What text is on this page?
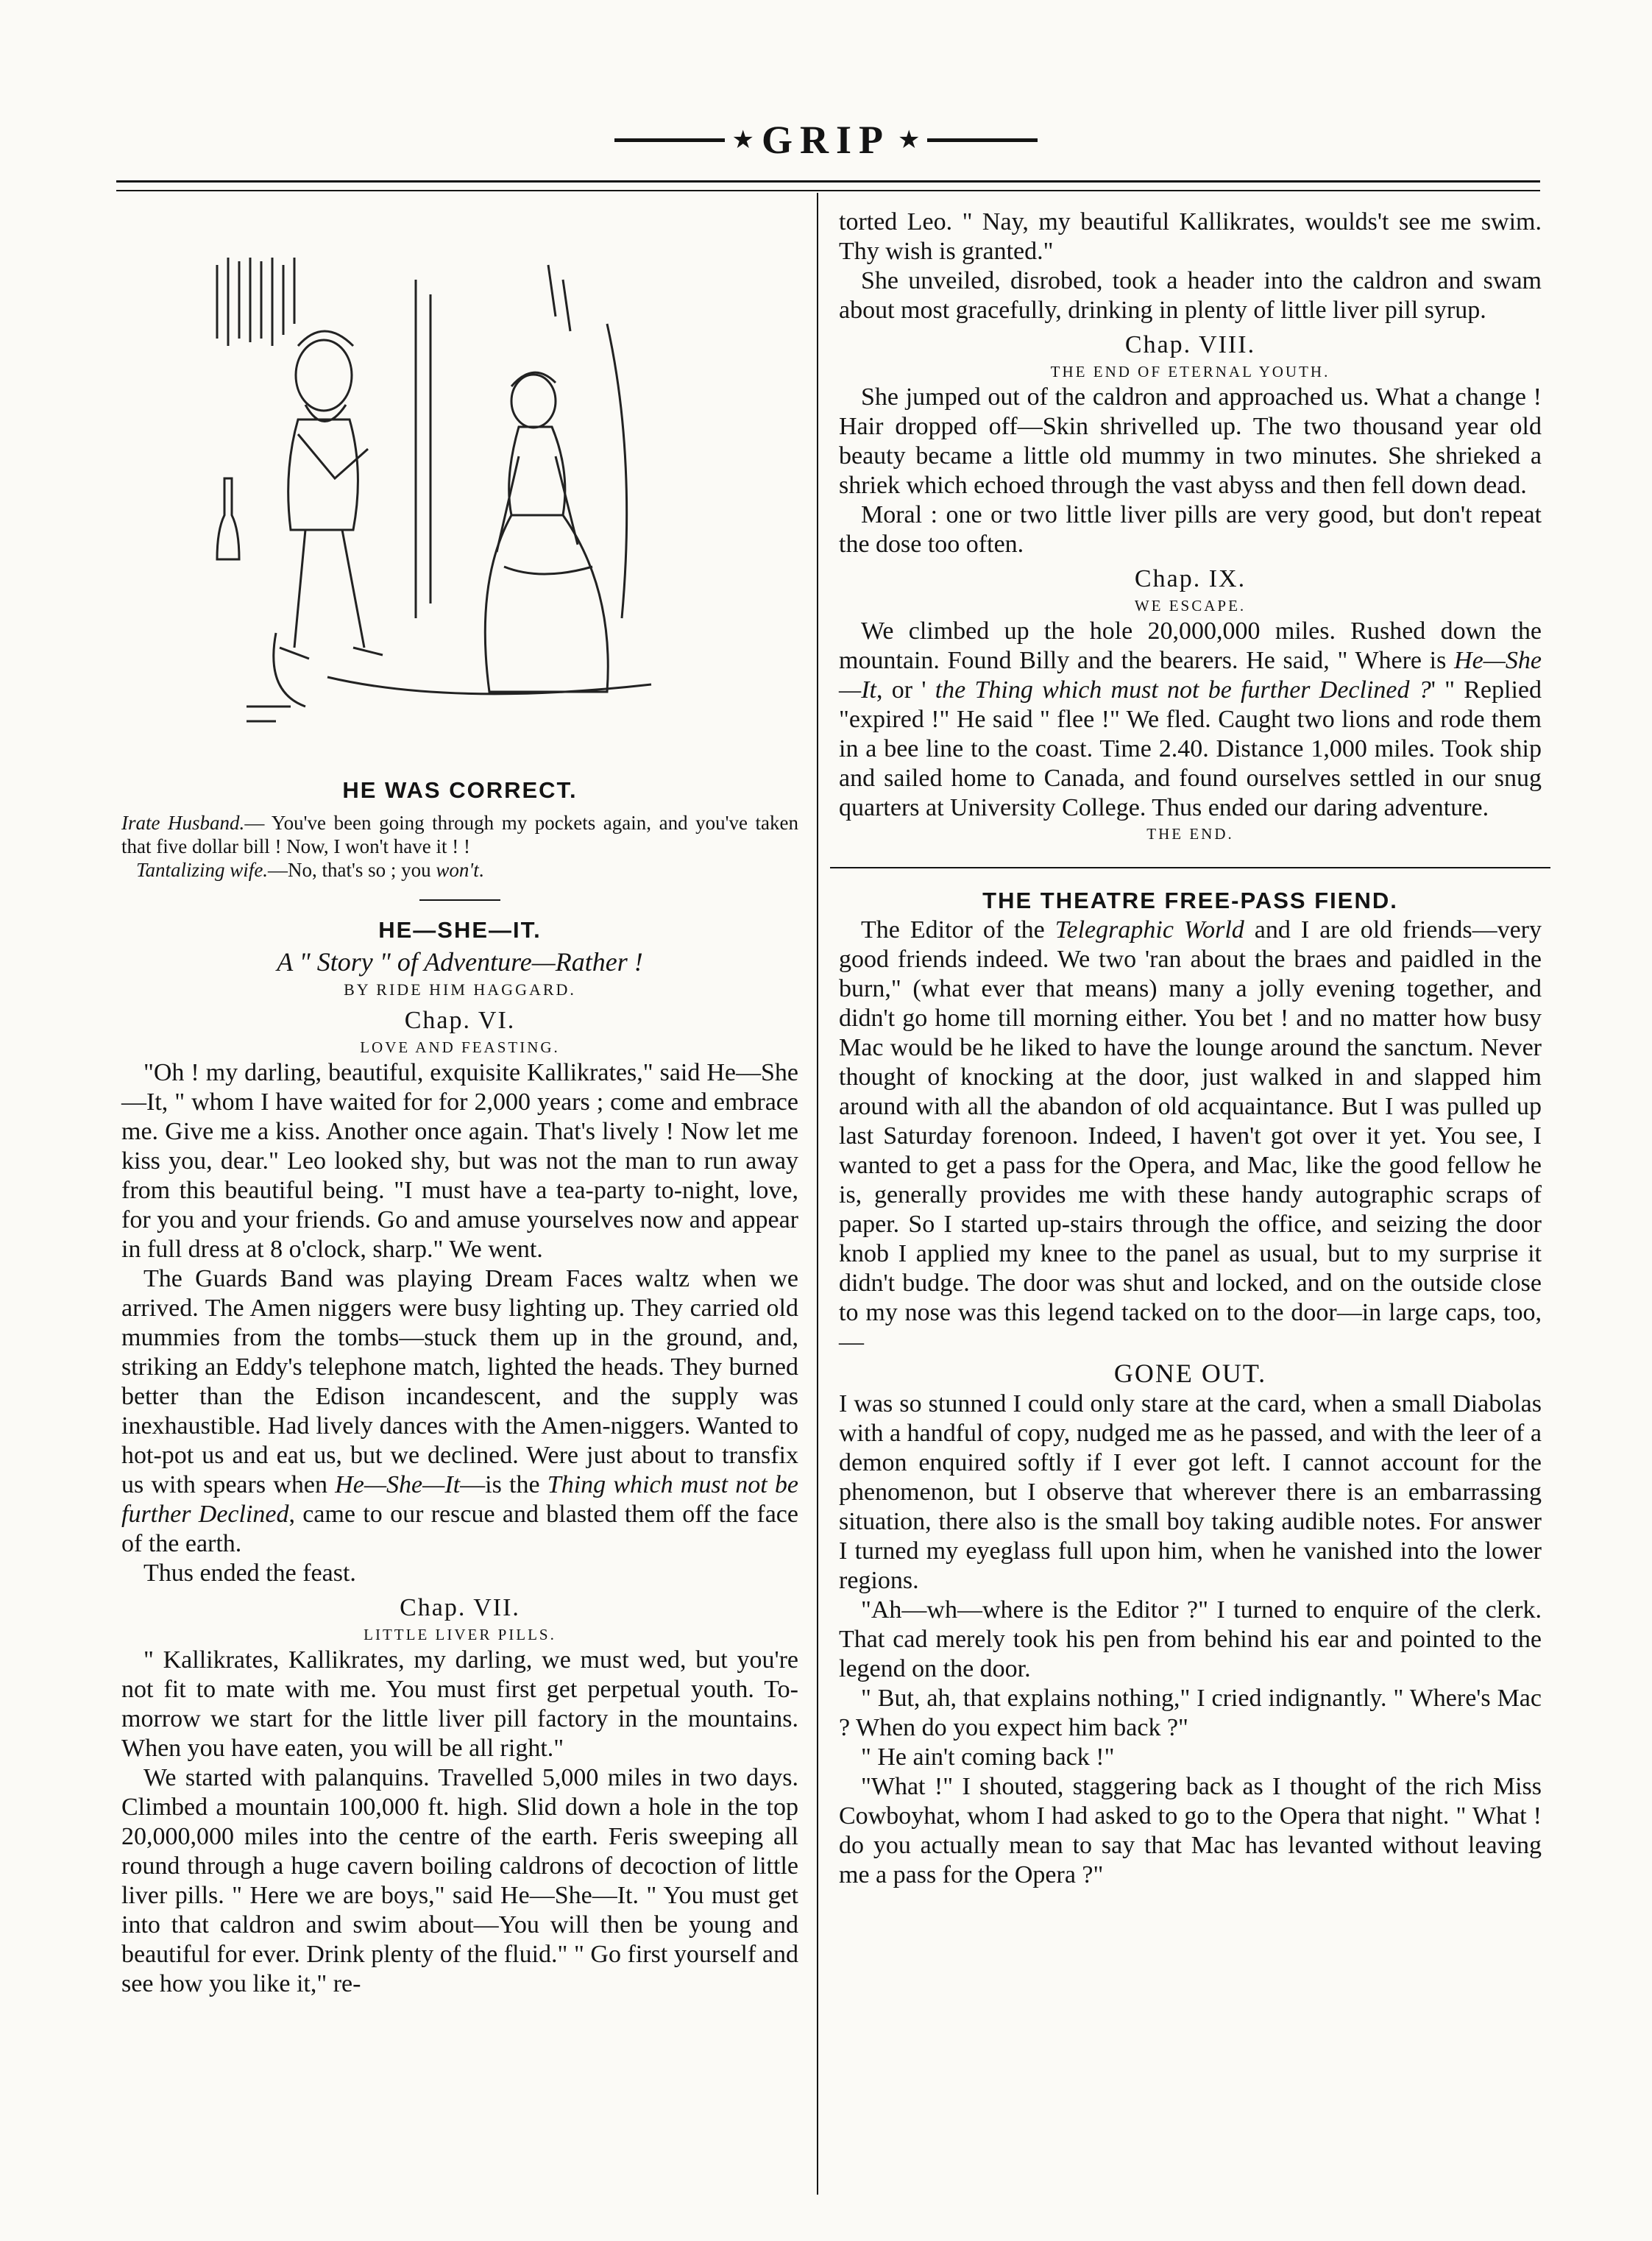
★ GRIP ★
HE WAS CORRECT.
Irate Husband.— You've been going through my pockets again, and you've taken that five dollar bill ! Now, I won't have it ! !
Tantalizing wife.—No, that's so ; you won't.
HE—SHE—IT.
A " Story " of Adventure—Rather !
BY RIDE HIM HAGGARD.
Chap. VI.
LOVE AND FEASTING.

"Oh ! my darling, beautiful, exquisite Kallikrates," said He—She—It, " whom I have waited for for 2,000 years ; come and embrace me. Give me a kiss. Another once again. That's lively ! Now let me kiss you, dear." Leo looked shy, but was not the man to run away from this beautiful being. "I must have a tea-party to-night, love, for you and your friends. Go and amuse yourselves now and appear in full dress at 8 o'clock, sharp." We went.

The Guards Band was playing Dream Faces waltz when we arrived. The Amen niggers were busy lighting up. They carried old mummies from the tombs—stuck them up in the ground, and, striking an Eddy's telephone match, lighted the heads. They burned better than the Edison incandescent, and the supply was inexhaustible. Had lively dances with the Amen-niggers. Wanted to hot-pot us and eat us, but we declined. Were just about to transfix us with spears when He—She—It—is the Thing which must not be further Declined, came to our rescue and blasted them off the face of the earth.

Thus ended the feast.

Chap. VII.
LITTLE LIVER PILLS.

" Kallikrates, Kallikrates, my darling, we must wed, but you're not fit to mate with me. You must first get perpetual youth. To-morrow we start for the little liver pill factory in the mountains. When you have eaten, you will be all right."

We started with palanquins. Travelled 5,000 miles in two days. Climbed a mountain 100,000 ft. high. Slid down a hole in the top 20,000,000 miles into the centre of the earth. Feris sweeping all round through a huge cavern boiling caldrons of decoction of little liver pills. " Here we are boys," said He—She—It. " You must get into that caldron and swim about—You will then be young and beautiful for ever. Drink plenty of the fluid." " Go first yourself and see how you like it," re-

torted Leo. " Nay, my beautiful Kallikrates, woulds't see me swim. Thy wish is granted."

She unveiled, disrobed, took a header into the caldron and swam about most gracefully, drinking in plenty of little liver pill syrup.

Chap. VIII.
THE END OF ETERNAL YOUTH.

She jumped out of the caldron and approached us. What a change ! Hair dropped off—Skin shrivelled up. The two thousand year old beauty became a little old mummy in two minutes. She shrieked a shriek which echoed through the vast abyss and then fell down dead.

Moral : one or two little liver pills are very good, but don't repeat the dose too often.

Chap. IX.
WE ESCAPE.

We climbed up the hole 20,000,000 miles. Rushed down the mountain. Found Billy and the bearers. He said, " Where is He—She—It, or ' the Thing which must not be further Declined ?' " Replied "expired !" He said " flee !" We fled. Caught two lions and rode them in a bee line to the coast. Time 2.40. Distance 1,000 miles. Took ship and sailed home to Canada, and found ourselves settled in our snug quarters at University College. Thus ended our daring adventure.

THE END.
THE THEATRE FREE-PASS FIEND.

The Editor of the Telegraphic World and I are old friends—very good friends indeed. We two 'ran about the braes and paidled in the burn," (what ever that means) many a jolly evening together, and didn't go home till morning either. You bet ! and no matter how busy Mac would be he liked to have the lounge around the sanctum. Never thought of knocking at the door, just walked in and slapped him around with all the abandon of old acquaintance. But I was pulled up last Saturday forenoon. Indeed, I haven't got over it yet. You see, I wanted to get a pass for the Opera, and Mac, like the good fellow he is, generally provides me with these handy autographic scraps of paper. So I started up-stairs through the office, and seizing the door knob I applied my knee to the panel as usual, but to my surprise it didn't budge. The door was shut and locked, and on the outside close to my nose was this legend tacked on to the door—in large caps, too,—

GONE OUT.

I was so stunned I could only stare at the card, when a small Diabolas with a handful of copy, nudged me as he passed, and with the leer of a demon enquired softly if I ever got left. I cannot account for the phenomenon, but I observe that wherever there is an embarrassing situation, there also is the small boy taking audible notes. For answer I turned my eyeglass full upon him, when he vanished into the lower regions.

"Ah—wh—where is the Editor ?" I turned to enquire of the clerk. That cad merely took his pen from behind his ear and pointed to the legend on the door.

" But, ah, that explains nothing," I cried indignantly. " Where's Mac ? When do you expect him back ?"

" He ain't coming back !"

"What !" I shouted, staggering back as I thought of the rich Miss Cowboyhat, whom I had asked to go to the Opera that night. " What ! do you actually mean to say that Mac has levanted without leaving me a pass for the Opera ?"
